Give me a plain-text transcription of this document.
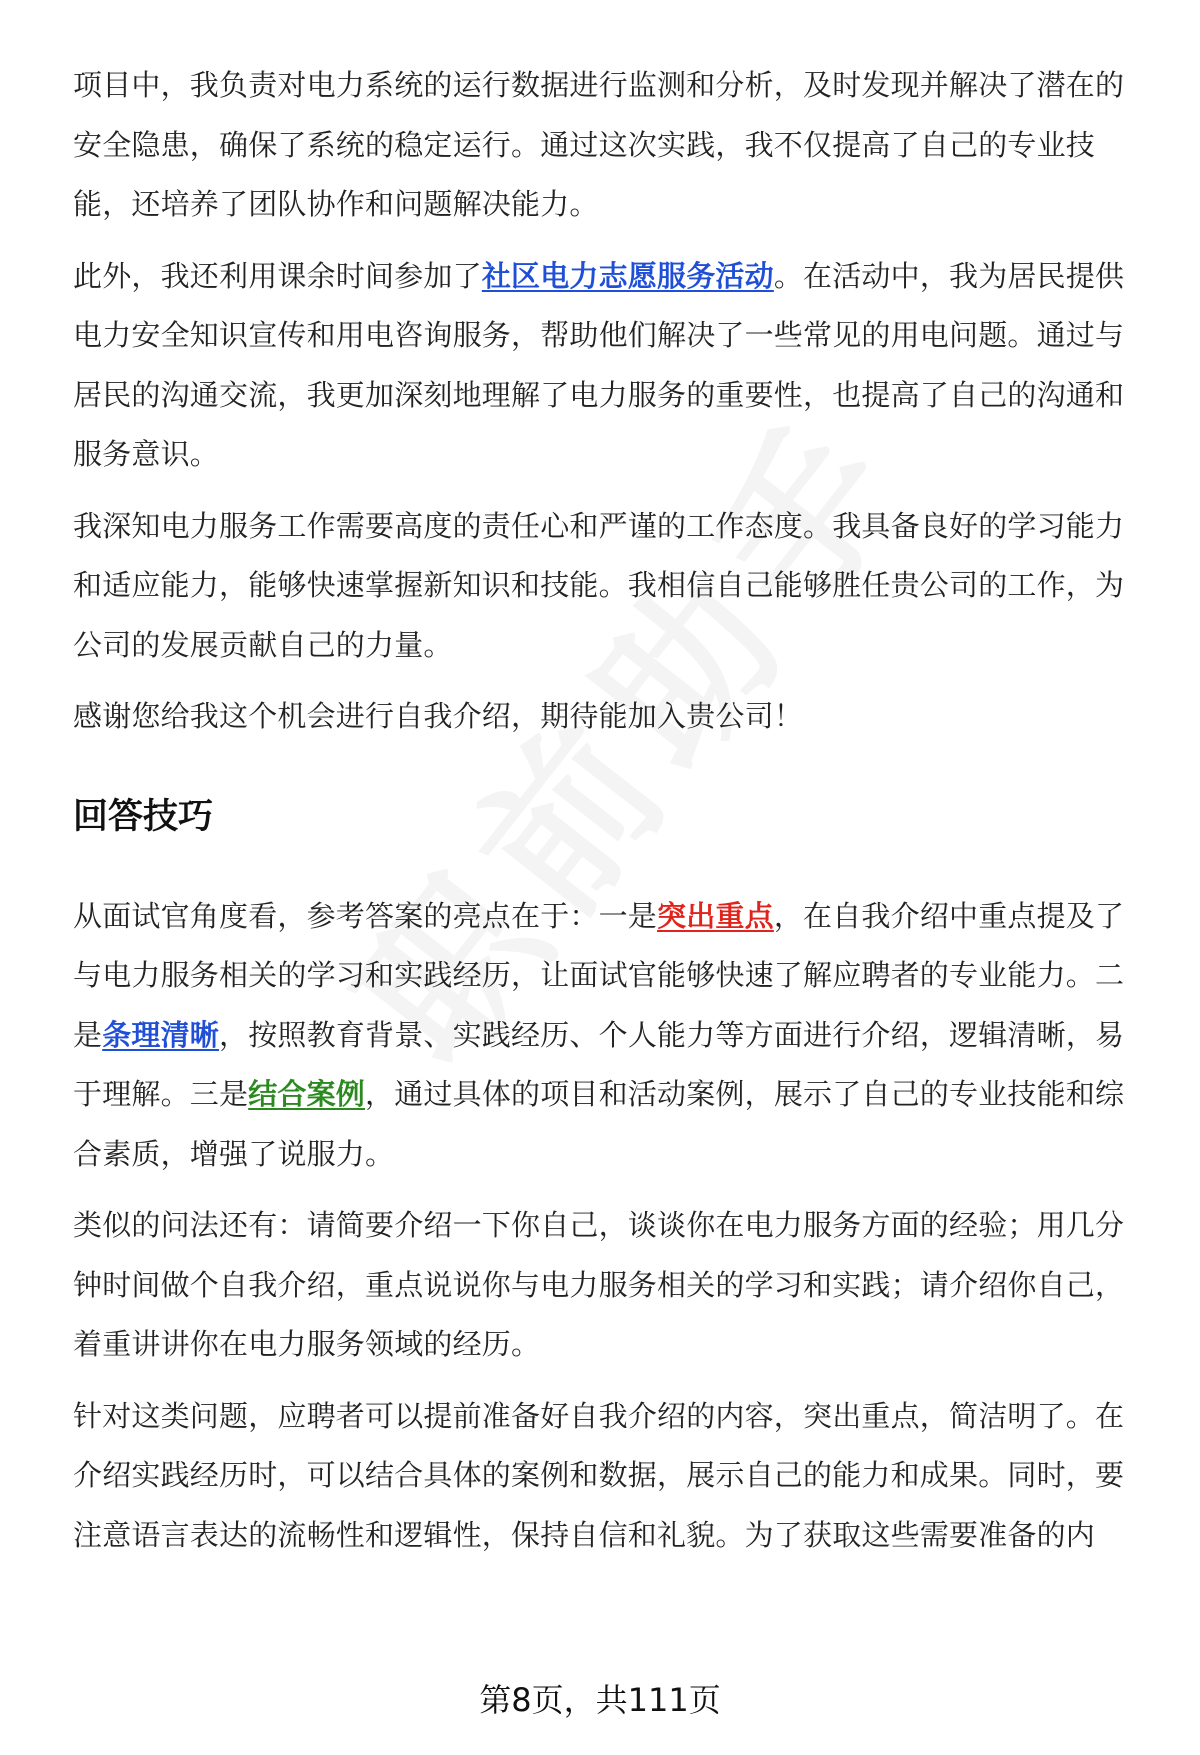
项目中，我负责对电力系统的运行数据进行监测和分析，及时发现并解决了潜在的安全隐患，确保了系统的稳定运行。通过这次实践，我不仅提高了自己的专业技能，还培养了团队协作和问题解决能力。

此外，我还利用课余时间参加了社区电力志愿服务活动。在活动中，我为居民提供电力安全知识宣传和用电咨询服务，帮助他们解决了一些常见的用电问题。通过与居民的沟通交流，我更加深刻地理解了电力服务的重要性，也提高了自己的沟通和服务意识。

我深知电力服务工作需要高度的责任心和严谨的工作态度。我具备良好的学习能力和适应能力，能够快速掌握新知识和技能。我相信自己能够胜任贵公司的工作，为公司的发展贡献自己的力量。

感谢您给我这个机会进行自我介绍，期待能加入贵公司！

回答技巧

从面试官角度看，参考答案的亮点在于：一是突出重点，在自我介绍中重点提及了与电力服务相关的学习和实践经历，让面试官能够快速了解应聘者的专业能力。二是条理清晰，按照教育背景、实践经历、个人能力等方面进行介绍，逻辑清晰，易于理解。三是结合案例，通过具体的项目和活动案例，展示了自己的专业技能和综合素质，增强了说服力。

类似的问法还有：请简要介绍一下你自己，谈谈你在电力服务方面的经验；用几分钟时间做个自我介绍，重点说说你与电力服务相关的学习和实践；请介绍你自己，着重讲讲你在电力服务领域的经历。

针对这类问题，应聘者可以提前准备好自我介绍的内容，突出重点，简洁明了。在介绍实践经历时，可以结合具体的案例和数据，展示自己的能力和成果。同时，要注意语言表达的流畅性和逻辑性，保持自信和礼貌。为了获取这些需要准备的内

第8页，共111页
